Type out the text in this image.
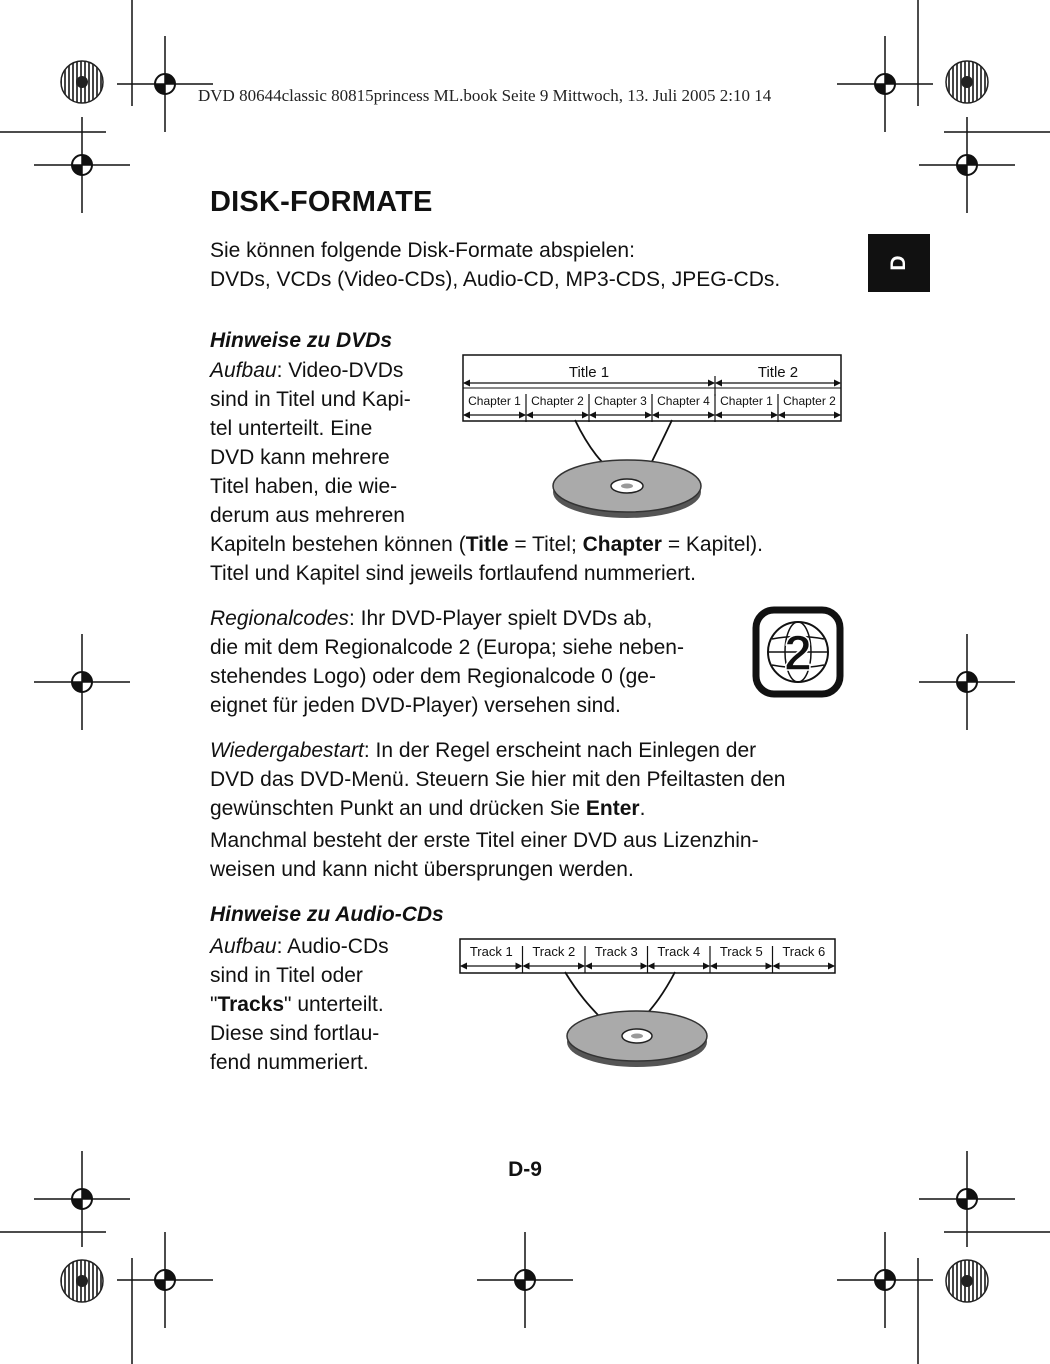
DVD 80644classic 80815princess ML.book Seite 9 Mittwoch, 13. Juli 2005 2:10 14
DISK-FORMATE
D
Sie können folgende Disk-Formate abspielen:
DVDs, VCDs (Video-CDs), Audio-CD, MP3-CDS, JPEG-CDs.
Hinweise zu DVDs
Aufbau: Video-DVDs
sind in Titel und Kapi-
tel unterteilt. Eine
DVD kann mehrere
Titel haben, die wie-
derum aus mehreren
Title 1	Title 2
Chapter 1 Chapter 2 Chapter 3 Chapter 4 Chapter 1 Chapter 2
Kapiteln bestehen können (Title = Titel; Chapter = Kapitel).
Titel und Kapitel sind jeweils fortlaufend nummeriert.
Regionalcodes: Ihr DVD-Player spielt DVDs ab,
die mit dem Regionalcode 2 (Europa; siehe neben-
stehendes Logo) oder dem Regionalcode 0 (ge-
eignet für jeden DVD-Player) versehen sind.
2
Wiedergabestart: In der Regel erscheint nach Einlegen der
DVD das DVD-Menü. Steuern Sie hier mit den Pfeiltasten den
gewünschten Punkt an und drücken Sie Enter.
Manchmal besteht der erste Titel einer DVD aus Lizenzhin-
weisen und kann nicht übersprungen werden.
Hinweise zu Audio-CDs
Aufbau: Audio-CDs
sind in Titel oder
"Tracks" unterteilt.
Diese sind fortlau-
fend nummeriert.
Track 1 Track 2 Track 3 Track 4 Track 5 Track 6
D-9
